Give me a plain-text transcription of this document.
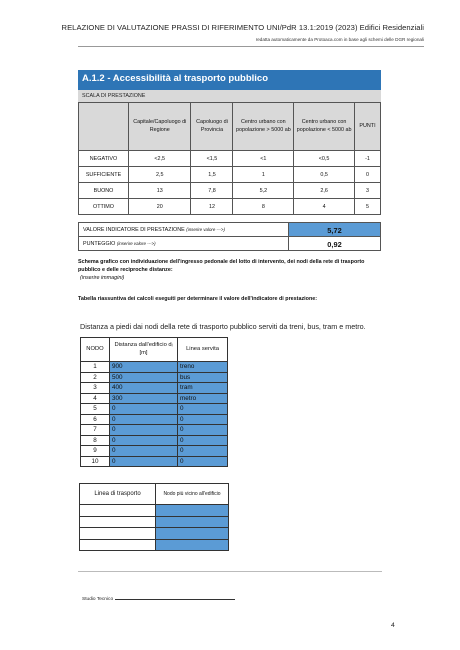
RELAZIONE DI VALUTAZIONE PRASSI DI RIFERIMENTO UNI/PdR 13.1:2019 (2023) Edifici Residenziali
redatta automaticamente da Protoaca.com in base agli schemi delle DGR regionali
A.1.2 - Accessibilità al trasporto pubblico
SCALA DI PRESTAZIONE
	Capitale/Capoluogo di Regione	Capoluogo di Provincia	Centro urbano con popolazione > 5000 ab	Centro urbano con popolazione < 5000 ab	PUNTI
NEGATIVO	<2,5	<1,5	<1	<0,5	-1
SUFFICIENTE	2,5	1,5	1	0,5	0
BUONO	13	7,8	5,2	2,6	3
OTTIMO	20	12	8	4	5
VALORE INDICATORE DI PRESTAZIONE (inserire valore --->)	5,72
PUNTEGGIO (inserire valore --->)	0,92
Schema grafico con individuazione dell'ingresso pedonale del lotto di intervento, dei nodi della rete di trasporto pubblico e delle reciproche distanze:
(inserire immagini)
Tabella riassuntiva dei calcoli eseguiti per determinare il valore dell'indicatore di prestazione:
Distanza a piedi dai nodi della rete di trasporto pubblico serviti da treni, bus, tram e metro.
NODO	Distanza dall'edificio dᵢ [m]	Linea servita
1	900	treno
2	500	bus
3	400	tram
4	300	metro
5	0	0
6	0	0
7	0	0
8	0	0
9	0	0
10	0	0
Linea di trasporto	Nodo più vicino all'edificio

Studio Tecnico
4
